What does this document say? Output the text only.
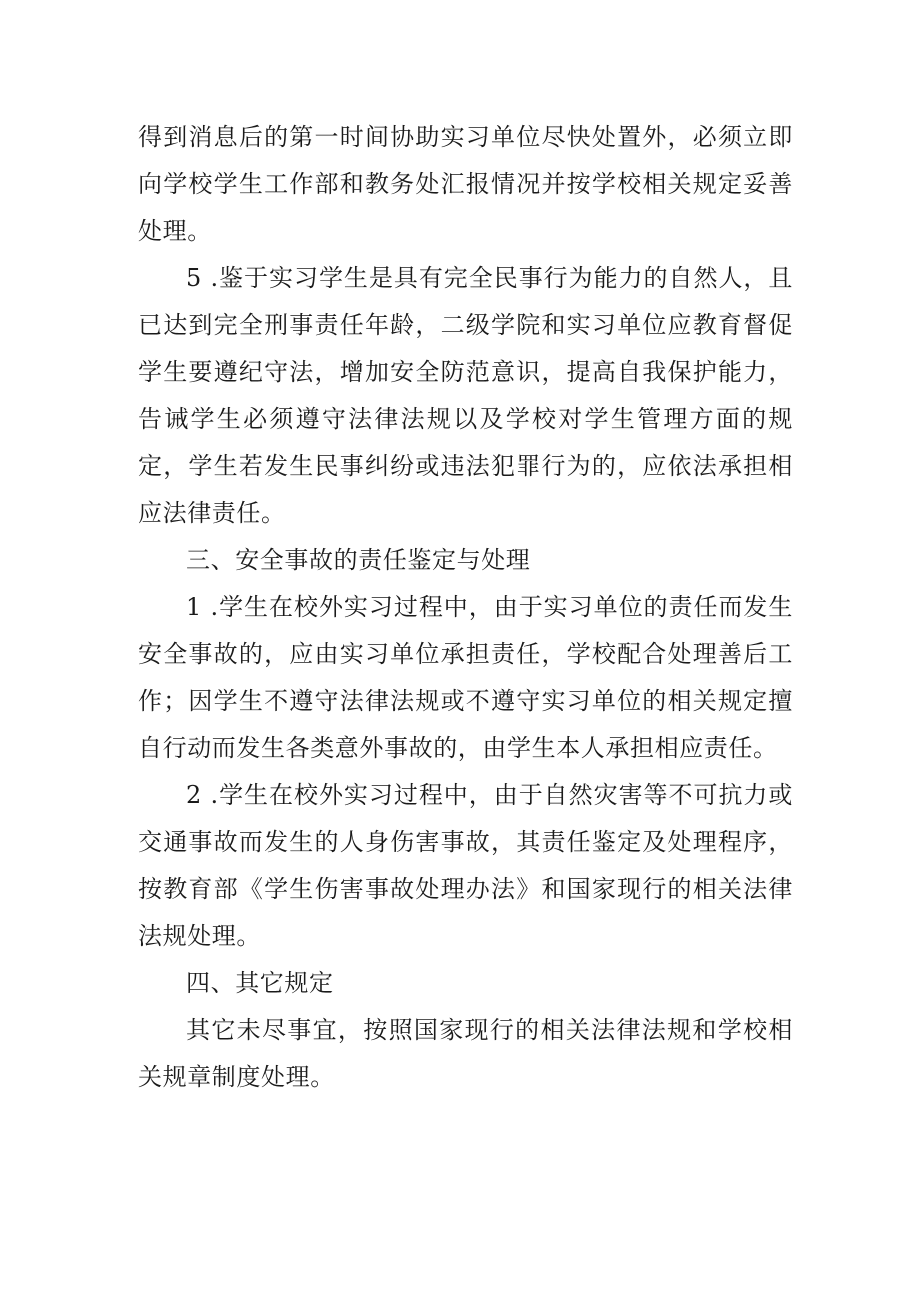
得到消息后的第一时间协助实习单位尽快处置外，必须立即向学校学生工作部和教务处汇报情况并按学校相关规定妥善处理。

5 .鉴于实习学生是具有完全民事行为能力的自然人，且已达到完全刑事责任年龄，二级学院和实习单位应教育督促学生要遵纪守法，增加安全防范意识，提高自我保护能力，告诫学生必须遵守法律法规以及学校对学生管理方面的规定，学生若发生民事纠纷或违法犯罪行为的，应依法承担相应法律责任。

三、安全事故的责任鉴定与处理

1 .学生在校外实习过程中，由于实习单位的责任而发生安全事故的，应由实习单位承担责任，学校配合处理善后工作；因学生不遵守法律法规或不遵守实习单位的相关规定擅自行动而发生各类意外事故的，由学生本人承担相应责任。

2 .学生在校外实习过程中，由于自然灾害等不可抗力或交通事故而发生的人身伤害事故，其责任鉴定及处理程序，按教育部《学生伤害事故处理办法》和国家现行的相关法律法规处理。

四、其它规定

其它未尽事宜，按照国家现行的相关法律法规和学校相关规章制度处理。
